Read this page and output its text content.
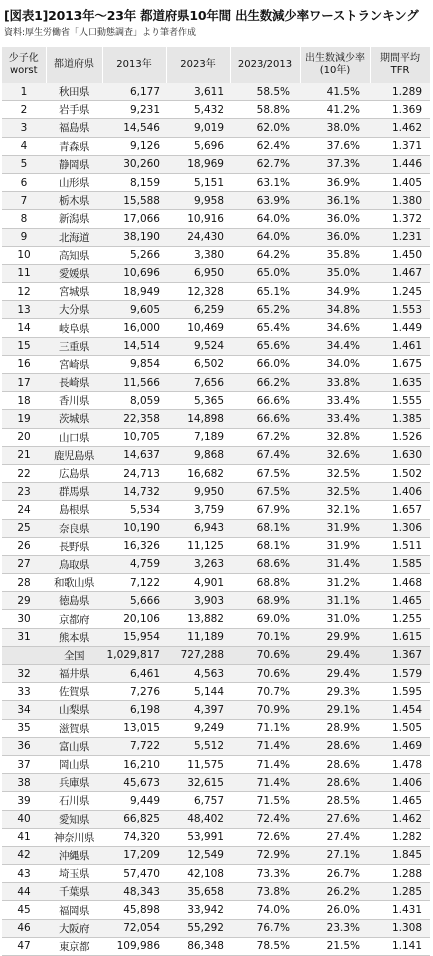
[図表1]2013年〜23年 都道府県10年間 出生数減少率ワーストランキング
資料:厚生労働省「人口動態調査」より筆者作成
少子化
worst	都道府県	2013年	2023年	2023/2013	出生数減少率
(10年)	期間平均
TFR
1	秋田県	6,177	3,611	58.5%	41.5%	1.289
2	岩手県	9,231	5,432	58.8%	41.2%	1.369
3	福島県	14,546	9,019	62.0%	38.0%	1.462
4	青森県	9,126	5,696	62.4%	37.6%	1.371
5	静岡県	30,260	18,969	62.7%	37.3%	1.446
6	山形県	8,159	5,151	63.1%	36.9%	1.405
7	栃木県	15,588	9,958	63.9%	36.1%	1.380
8	新潟県	17,066	10,916	64.0%	36.0%	1.372
9	北海道	38,190	24,430	64.0%	36.0%	1.231
10	高知県	5,266	3,380	64.2%	35.8%	1.450
11	愛媛県	10,696	6,950	65.0%	35.0%	1.467
12	宮城県	18,949	12,328	65.1%	34.9%	1.245
13	大分県	9,605	6,259	65.2%	34.8%	1.553
14	岐阜県	16,000	10,469	65.4%	34.6%	1.449
15	三重県	14,514	9,524	65.6%	34.4%	1.461
16	宮崎県	9,854	6,502	66.0%	34.0%	1.675
17	長崎県	11,566	7,656	66.2%	33.8%	1.635
18	香川県	8,059	5,365	66.6%	33.4%	1.555
19	茨城県	22,358	14,898	66.6%	33.4%	1.385
20	山口県	10,705	7,189	67.2%	32.8%	1.526
21	鹿児島県	14,637	9,868	67.4%	32.6%	1.630
22	広島県	24,713	16,682	67.5%	32.5%	1.502
23	群馬県	14,732	9,950	67.5%	32.5%	1.406
24	島根県	5,534	3,759	67.9%	32.1%	1.657
25	奈良県	10,190	6,943	68.1%	31.9%	1.306
26	長野県	16,326	11,125	68.1%	31.9%	1.511
27	鳥取県	4,759	3,263	68.6%	31.4%	1.585
28	和歌山県	7,122	4,901	68.8%	31.2%	1.468
29	徳島県	5,666	3,903	68.9%	31.1%	1.465
30	京都府	20,106	13,882	69.0%	31.0%	1.255
31	熊本県	15,954	11,189	70.1%	29.9%	1.615
	全国	1,029,817	727,288	70.6%	29.4%	1.367
32	福井県	6,461	4,563	70.6%	29.4%	1.579
33	佐賀県	7,276	5,144	70.7%	29.3%	1.595
34	山梨県	6,198	4,397	70.9%	29.1%	1.454
35	滋賀県	13,015	9,249	71.1%	28.9%	1.505
36	富山県	7,722	5,512	71.4%	28.6%	1.469
37	岡山県	16,210	11,575	71.4%	28.6%	1.478
38	兵庫県	45,673	32,615	71.4%	28.6%	1.406
39	石川県	9,449	6,757	71.5%	28.5%	1.465
40	愛知県	66,825	48,402	72.4%	27.6%	1.462
41	神奈川県	74,320	53,991	72.6%	27.4%	1.282
42	沖縄県	17,209	12,549	72.9%	27.1%	1.845
43	埼玉県	57,470	42,108	73.3%	26.7%	1.288
44	千葉県	48,343	35,658	73.8%	26.2%	1.285
45	福岡県	45,898	33,942	74.0%	26.0%	1.431
46	大阪府	72,054	55,292	76.7%	23.3%	1.308
47	東京都	109,986	86,348	78.5%	21.5%	1.141
